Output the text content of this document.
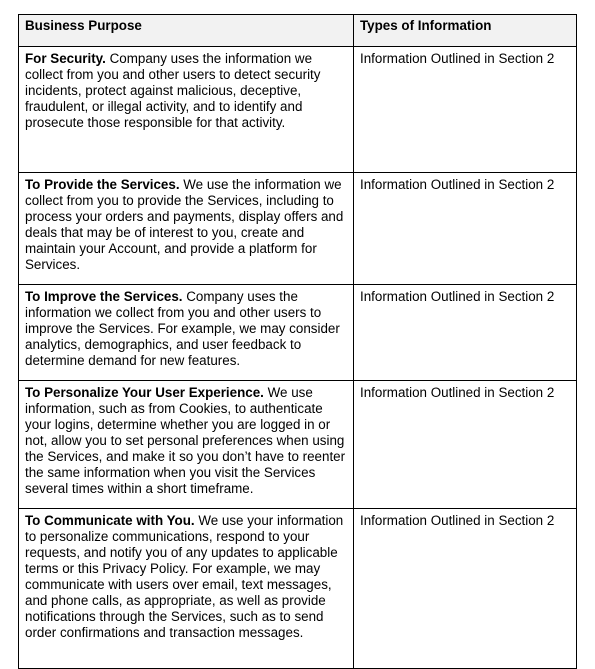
Business Purpose	Types of Information
For Security. Company uses the information we collect from you and other users to detect security incidents, protect against malicious, deceptive, fraudulent, or illegal activity, and to identify and prosecute those responsible for that activity.	Information Outlined in Section 2
To Provide the Services. We use the information we collect from you to provide the Services, including to process your orders and payments, display offers and deals that may be of interest to you, create and maintain your Account, and provide a platform for Services.	Information Outlined in Section 2
To Improve the Services. Company uses the information we collect from you and other users to improve the Services. For example, we may consider analytics, demographics, and user feedback to determine demand for new features.	Information Outlined in Section 2
To Personalize Your User Experience. We use information, such as from Cookies, to authenticate your logins, determine whether you are logged in or not, allow you to set personal preferences when using the Services, and make it so you don’t have to reenter the same information when you visit the Services several times within a short timeframe.	Information Outlined in Section 2
To Communicate with You. We use your information to personalize communications, respond to your requests, and notify you of any updates to applicable terms or this Privacy Policy. For example, we may communicate with users over email, text messages, and phone calls, as appropriate, as well as provide notifications through the Services, such as to send order confirmations and transaction messages.	Information Outlined in Section 2
